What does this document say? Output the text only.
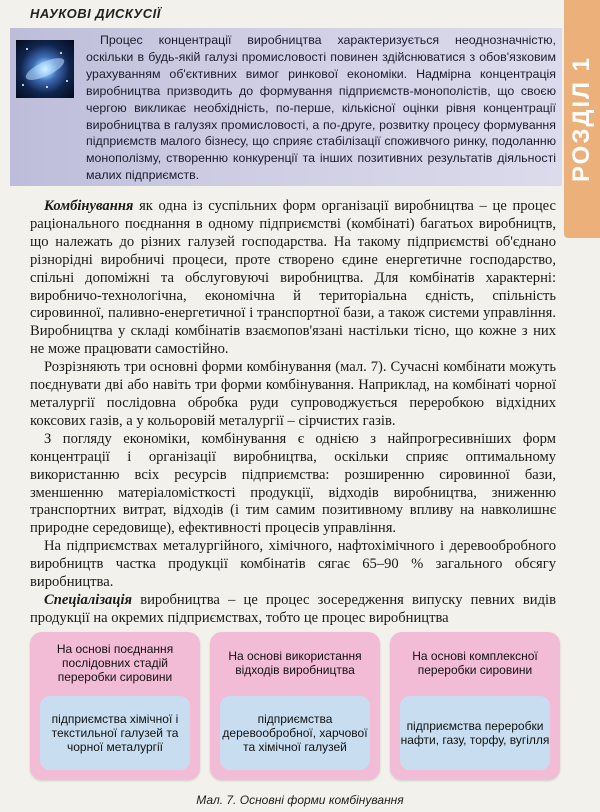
РОЗДІЛ 1
НАУКОВІ ДИСКУСІЇ

Процес концентрації виробництва характеризується неоднозначністю, оскільки в будь-якій галузі промисловості повинен здійснюватися з обов'язковим урахуванням об'єктивних вимог ринкової економіки. Надмірна концентрація виробництва призводить до формування підприємств-монополістів, що своєю чергою викликає необхідність, по-перше, кількісної оцінки рівня концентрації виробництва в галузях промисловості, а по-друге, розвитку процесу формування підприємств малого бізнесу, що сприяє стабілізації споживчого ринку, подоланню монополізму, створенню конкуренції та інших позитивних результатів діяльності малих підприємств.

Комбінування як одна із суспільних форм організації виробництва – це процес раціонального поєднання в одному підприємстві (комбінаті) багатьох виробництв, що належать до різних галузей господарства. На такому підприємстві об'єднано різнорідні виробничі процеси, проте створено єдине енергетичне господарство, спільні допоміжні та обслуговуючі виробництва. Для комбінатів характерні: виробничо-технологічна, економічна й територіальна єдність, спільність сировинної, паливно-енергетичної і транспортної бази, а також системи управління. Виробництва у складі комбінатів взаємопов'язані настільки тісно, що кожне з них не може працювати самостійно.

Розрізняють три основні форми комбінування (мал. 7). Сучасні комбінати можуть поєднувати дві або навіть три форми комбінування. Наприклад, на комбінаті чорної металургії послідовна обробка руди супроводжується переробкою відхідних коксових газів, а у кольоровій металургії – сірчистих газів.

З погляду економіки, комбінування є однією з найпрогресивніших форм концентрації і організації виробництва, оскільки сприяє оптимальному використанню всіх ресурсів підприємства: розширенню сировинної бази, зменшенню матеріаломісткості продукції, відходів виробництва, зниженню транспортних витрат, відходів (і тим самим позитивному впливу на навколишнє природне середовище), ефективності процесів управління.

На підприємствах металургійного, хімічного, нафтохімічного і деревообробного виробництв частка продукції комбінатів сягає 65–90 % загального обсягу виробництва.

Спеціалізація виробництва – це процес зосередження випуску певних видів продукції на окремих підприємствах, тобто це процес виробництва

На основі поєднання послідовних стадій переробки сировини
підприємства хімічної і текстильної галузей та чорної металургії
На основі використання відходів виробництва
підприємства деревообробної, харчової та хімічної галузей
На основі комплексної переробки сировини
підприємства переробки нафти, газу, торфу, вугілля
Мал. 7. Основні форми комбінування
